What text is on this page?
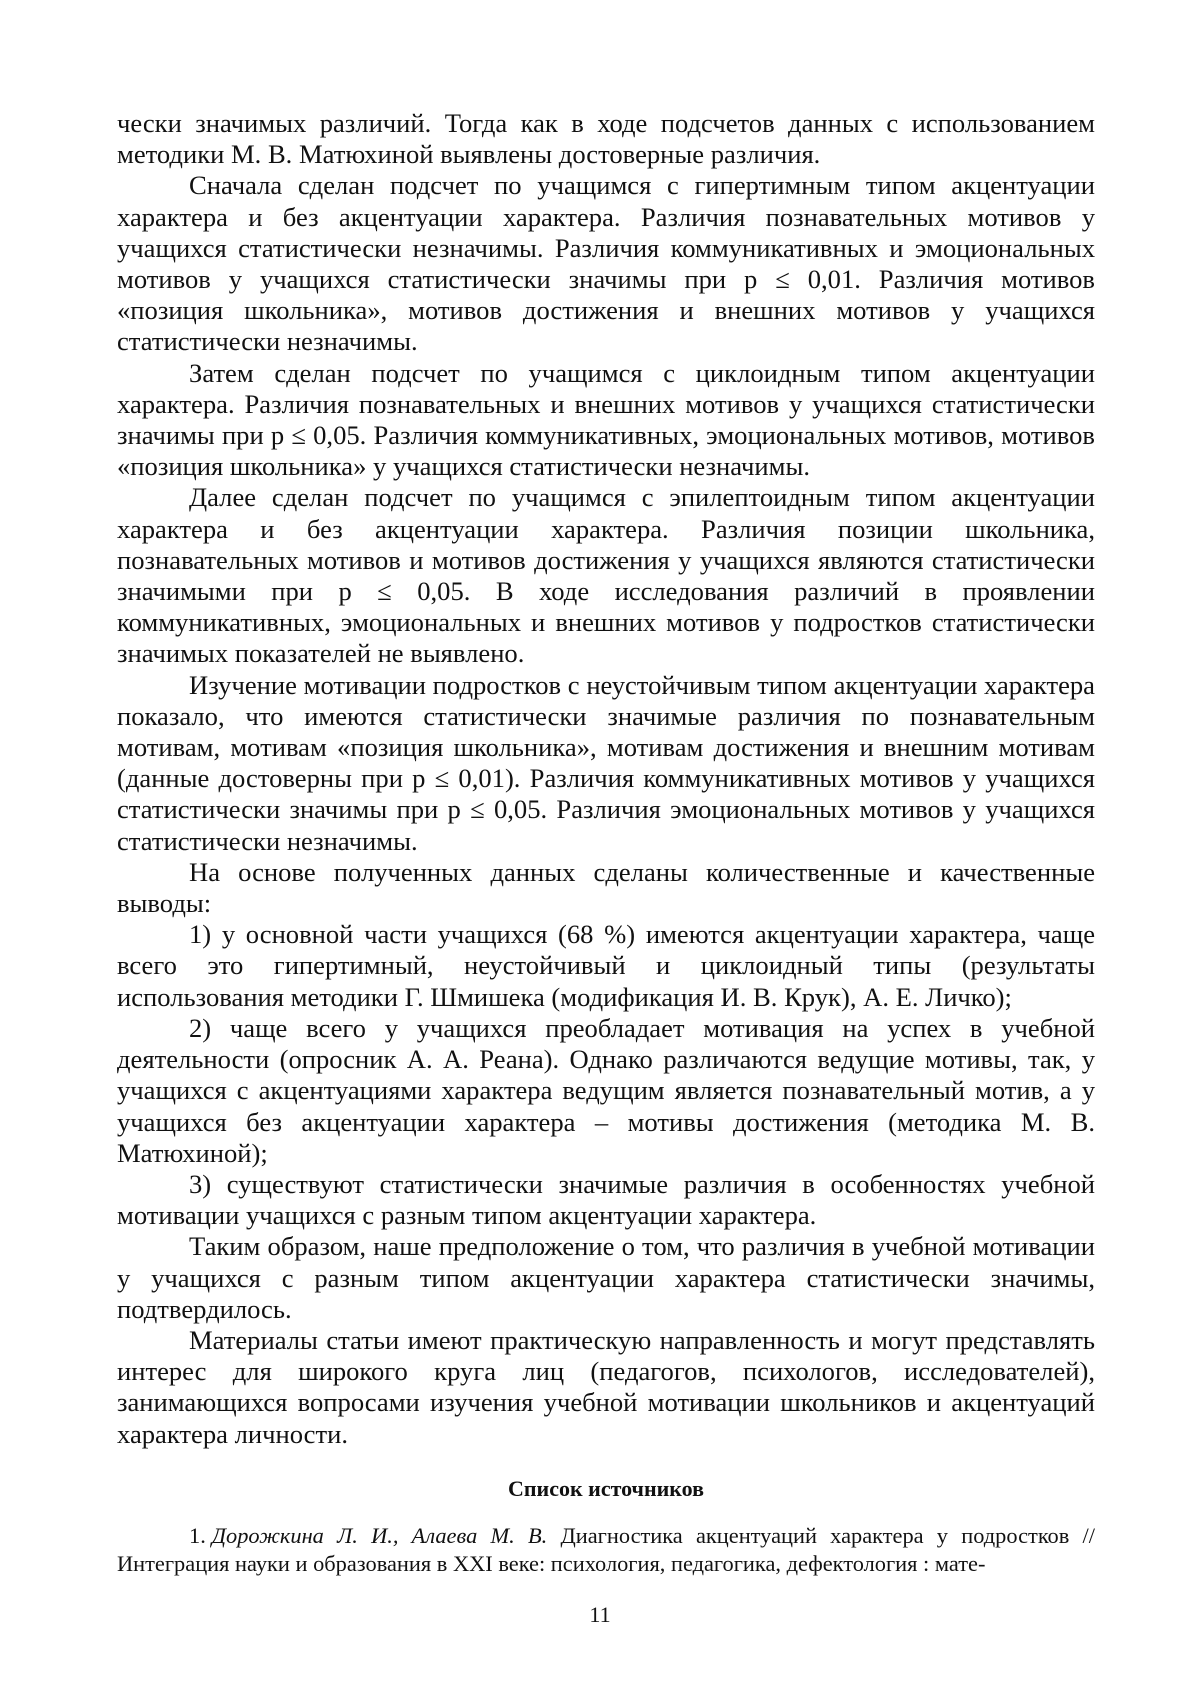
чески значимых различий. Тогда как в ходе подсчетов данных с использованием методики М. В. Матюхиной выявлены достоверные различия.

Сначала сделан подсчет по учащимся с гипертимным типом акцентуации характера и без акцентуации характера. Различия познавательных мотивов у учащихся статистически незначимы. Различия коммуникативных и эмоциональных мотивов у учащихся статистически значимы при p ≤ 0,01. Различия мотивов «позиция школьника», мотивов достижения и внешних мотивов у учащихся статистически незначимы.

Затем сделан подсчет по учащимся с циклоидным типом акцентуации характера. Различия познавательных и внешних мотивов у учащихся статистически значимы при p ≤ 0,05. Различия коммуникативных, эмоциональных мотивов, мотивов «позиция школьника» у учащихся статистически незначимы.

Далее сделан подсчет по учащимся с эпилептоидным типом акцентуации характера и без акцентуации характера. Различия позиции школьника, познавательных мотивов и мотивов достижения у учащихся являются статистически значимыми при p ≤ 0,05. В ходе исследования различий в проявлении коммуникативных, эмоциональных и внешних мотивов у подростков статистически значимых показателей не выявлено.

Изучение мотивации подростков с неустойчивым типом акцентуации характера показало, что имеются статистически значимые различия по познавательным мотивам, мотивам «позиция школьника», мотивам достижения и внешним мотивам (данные достоверны при p ≤ 0,01). Различия коммуникативных мотивов у учащихся статистически значимы при p ≤ 0,05. Различия эмоциональных мотивов у учащихся статистически незначимы.

На основе полученных данных сделаны количественные и качественные выводы:

1) у основной части учащихся (68 %) имеются акцентуации характера, чаще всего это гипертимный, неустойчивый и циклоидный типы (результаты использования методики Г. Шмишека (модификация И. В. Крук), А. Е. Личко);

2) чаще всего у учащихся преобладает мотивация на успех в учебной деятельности (опросник А. А. Реана). Однако различаются ведущие мотивы, так, у учащихся с акцентуациями характера ведущим является познавательный мотив, а у учащихся без акцентуации характера – мотивы достижения (методика М. В. Матюхиной);

3) существуют статистически значимые различия в особенностях учебной мотивации учащихся с разным типом акцентуации характера.

Таким образом, наше предположение о том, что различия в учебной мотивации у учащихся с разным типом акцентуации характера статистически значимы, подтвердилось.

Материалы статьи имеют практическую направленность и могут представлять интерес для широкого круга лиц (педагогов, психологов, исследователей), занимающихся вопросами изучения учебной мотивации школьников и акцентуаций характера личности.

Список источников
1. Дорожкина Л. И., Алаева М. В. Диагностика акцентуаций характера у подростков // Интеграция науки и образования в XXI веке: психология, педагогика, дефектология : мате-
11
